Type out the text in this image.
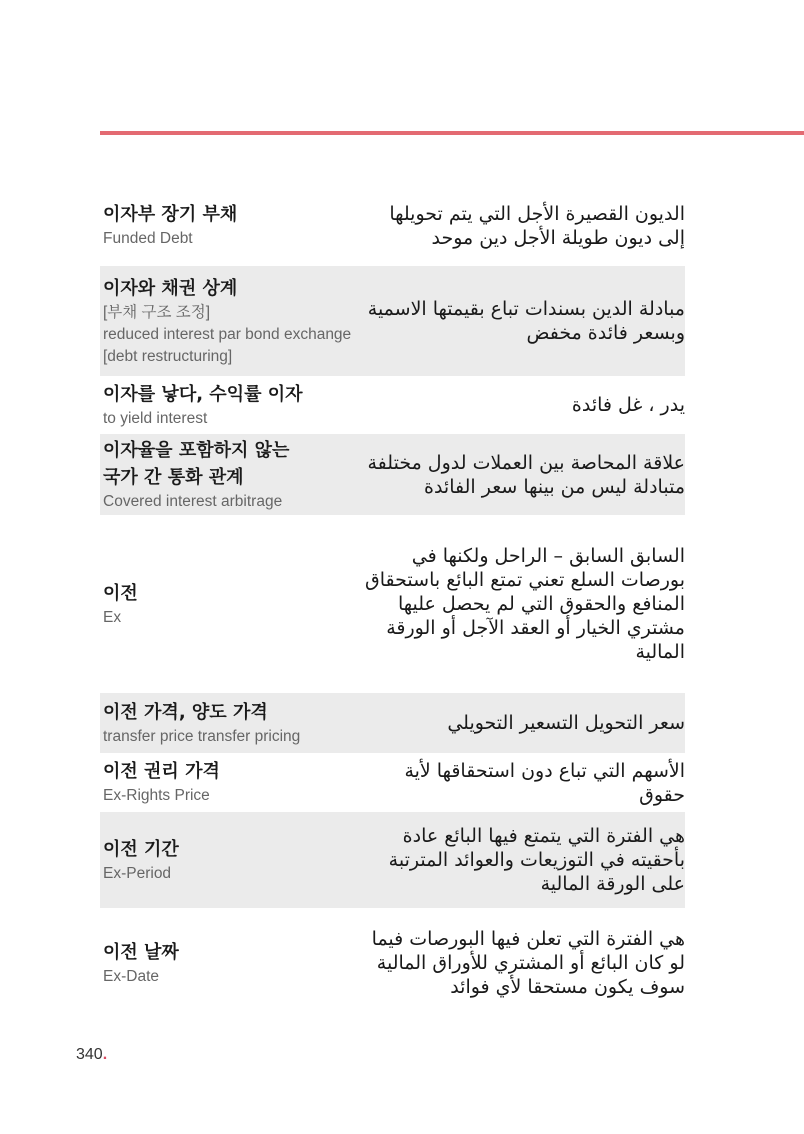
이자부 장기 부채
Funded Debt
الديون القصيرة الأجل التي يتم تحويلها إلى ديون طويلة الأجل دين موحد
이자와 채권 상계
[부채 구조 조정]
reduced interest par bond exchange [debt restructuring]
مبادلة الدين بسندات تباع بقيمتها الاسمية وبسعر فائدة مخفض
이자를 낳다, 수익률 이자
to yield interest
يدر ، غل فائدة
이자율을 포함하지 않는 국가 간 통화 관계
Covered interest arbitrage
علاقة المحاصة بين العملات لدول مختلفة متبادلة ليس من بينها سعر الفائدة
이전
Ex
السابق السابق – الراحل ولكنها في بورصات السلع تعني تمتع البائع باستحقاق المنافع والحقوق التي لم يحصل عليها مشتري الخيار أو العقد الآجل أو الورقة المالية
이전 가격, 양도 가격
transfer price transfer pricing
سعر التحويل التسعير التحويلي
이전 권리 가격
Ex-Rights Price
الأسهم التي تباع دون استحقاقها لأية حقوق
이전 기간
Ex-Period
هي الفترة التي يتمتع فيها البائع عادة بأحقيته في التوزيعات والعوائد المترتبة على الورقة المالية
이전 날짜
Ex-Date
هي الفترة التي تعلن فيها البورصات فيما لو كان البائع أو المشتري للأوراق المالية سوف يكون مستحقا لأي فوائد
340.
